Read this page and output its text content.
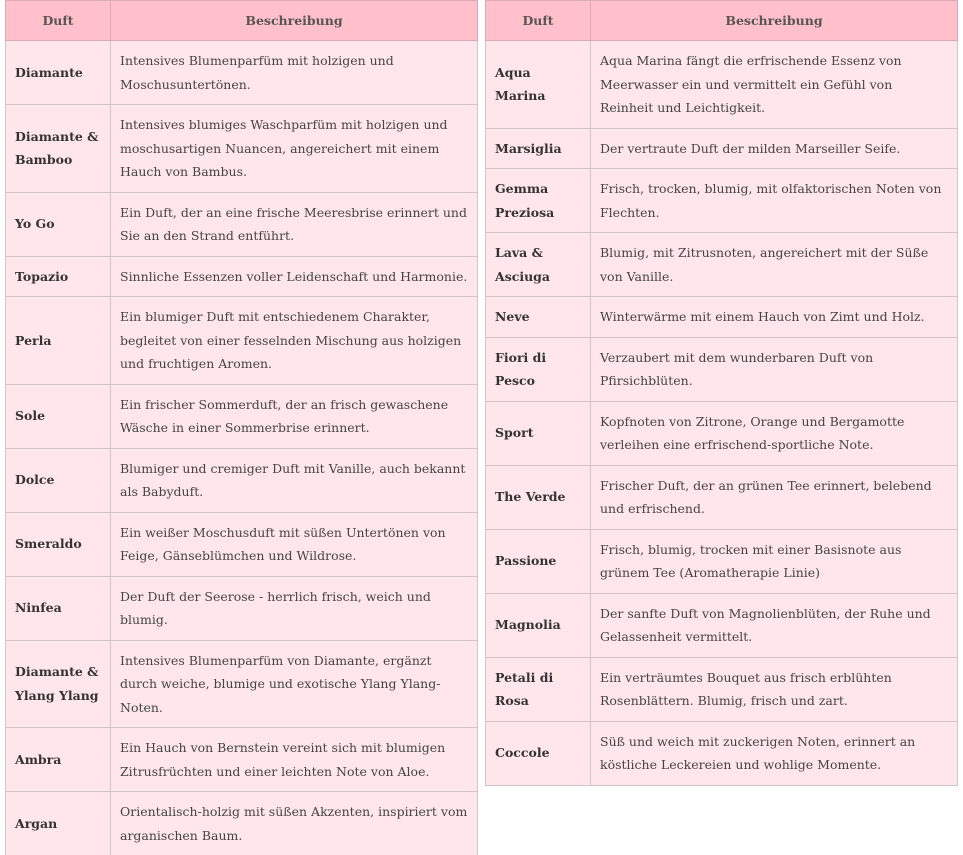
Duft	Beschreibung
Diamante	Intensives Blumenparfüm mit holzigen und Moschusuntertönen.
Diamante & Bamboo	Intensives blumiges Waschparfüm mit holzigen und moschusartigen Nuancen, angereichert mit einem Hauch von Bambus.
Yo Go	Ein Duft, der an eine frische Meeresbrise erinnert und Sie an den Strand entführt.
Topazio	Sinnliche Essenzen voller Leidenschaft und Harmonie.
Perla	Ein blumiger Duft mit entschiedenem Charakter, begleitet von einer fesselnden Mischung aus holzigen und fruchtigen Aromen.
Sole	Ein frischer Sommerduft, der an frisch gewaschene Wäsche in einer Sommerbrise erinnert.
Dolce	Blumiger und cremiger Duft mit Vanille, auch bekannt als Babyduft.
Smeraldo	Ein weißer Moschusduft mit süßen Untertönen von Feige, Gänseblümchen und Wildrose.
Ninfea	Der Duft der Seerose - herrlich frisch, weich und blumig.
Diamante & Ylang Ylang	Intensives Blumenparfüm von Diamante, ergänzt durch weiche, blumige und exotische Ylang Ylang-Noten.
Ambra	Ein Hauch von Bernstein vereint sich mit blumigen Zitrusfrüchten und einer leichten Note von Aloe.
Argan	Orientalisch-holzig mit süßen Akzenten, inspiriert vom arganischen Baum.
Duft	Beschreibung
Aqua Marina	Aqua Marina fängt die erfrischende Essenz von Meerwasser ein und vermittelt ein Gefühl von Reinheit und Leichtigkeit.
Marsiglia	Der vertraute Duft der milden Marseiller Seife.
Gemma Preziosa	Frisch, trocken, blumig, mit olfaktorischen Noten von Flechten.
Lava & Asciuga	Blumig, mit Zitrusnoten, angereichert mit der Süße von Vanille.
Neve	Winterwärme mit einem Hauch von Zimt und Holz.
Fiori di Pesco	Verzaubert mit dem wunderbaren Duft von Pfirsichblüten.
Sport	Kopfnoten von Zitrone, Orange und Bergamotte verleihen eine erfrischend-sportliche Note.
The Verde	Frischer Duft, der an grünen Tee erinnert, belebend und erfrischend.
Passione	Frisch, blumig, trocken mit einer Basisnote aus grünem Tee (Aromatherapie Linie)
Magnolia	Der sanfte Duft von Magnolienblüten, der Ruhe und Gelassenheit vermittelt.
Petali di Rosa	Ein verträumtes Bouquet aus frisch erblühten Rosenblättern. Blumig, frisch und zart.
Coccole	Süß und weich mit zuckerigen Noten, erinnert an köstliche Leckereien und wohlige Momente.
